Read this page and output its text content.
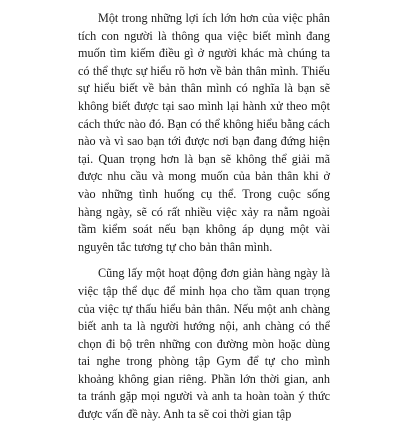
Một trong những lợi ích lớn hơn của việc phân tích con người là thông qua việc biết mình đang muốn tìm kiếm điều gì ở người khác mà chúng ta có thể thực sự hiểu rõ hơn về bản thân mình. Thiếu sự hiểu biết về bản thân mình có nghĩa là bạn sẽ không biết được tại sao mình lại hành xử theo một cách thức nào đó. Bạn có thể không hiểu bằng cách nào và vì sao bạn tới được nơi bạn đang đứng hiện tại. Quan trọng hơn là bạn sẽ không thể giải mã được nhu cầu và mong muốn của bản thân khi ở vào những tình huống cụ thể. Trong cuộc sống hàng ngày, sẽ có rất nhiều việc xảy ra nằm ngoài tầm kiểm soát nếu bạn không áp dụng một vài nguyên tắc tương tự cho bản thân mình.

Cũng lấy một hoạt động đơn giản hàng ngày là việc tập thể dục để minh họa cho tầm quan trọng của việc tự thấu hiểu bản thân. Nếu một anh chàng biết anh ta là người hướng nội, anh chàng có thể chọn đi bộ trên những con đường mòn hoặc dùng tai nghe trong phòng tập Gym để tự cho mình khoảng không gian riêng. Phần lớn thời gian, anh ta tránh gặp mọi người và anh ta hoàn toàn ý thức được vấn đề này. Anh ta sẽ coi thời gian tập
